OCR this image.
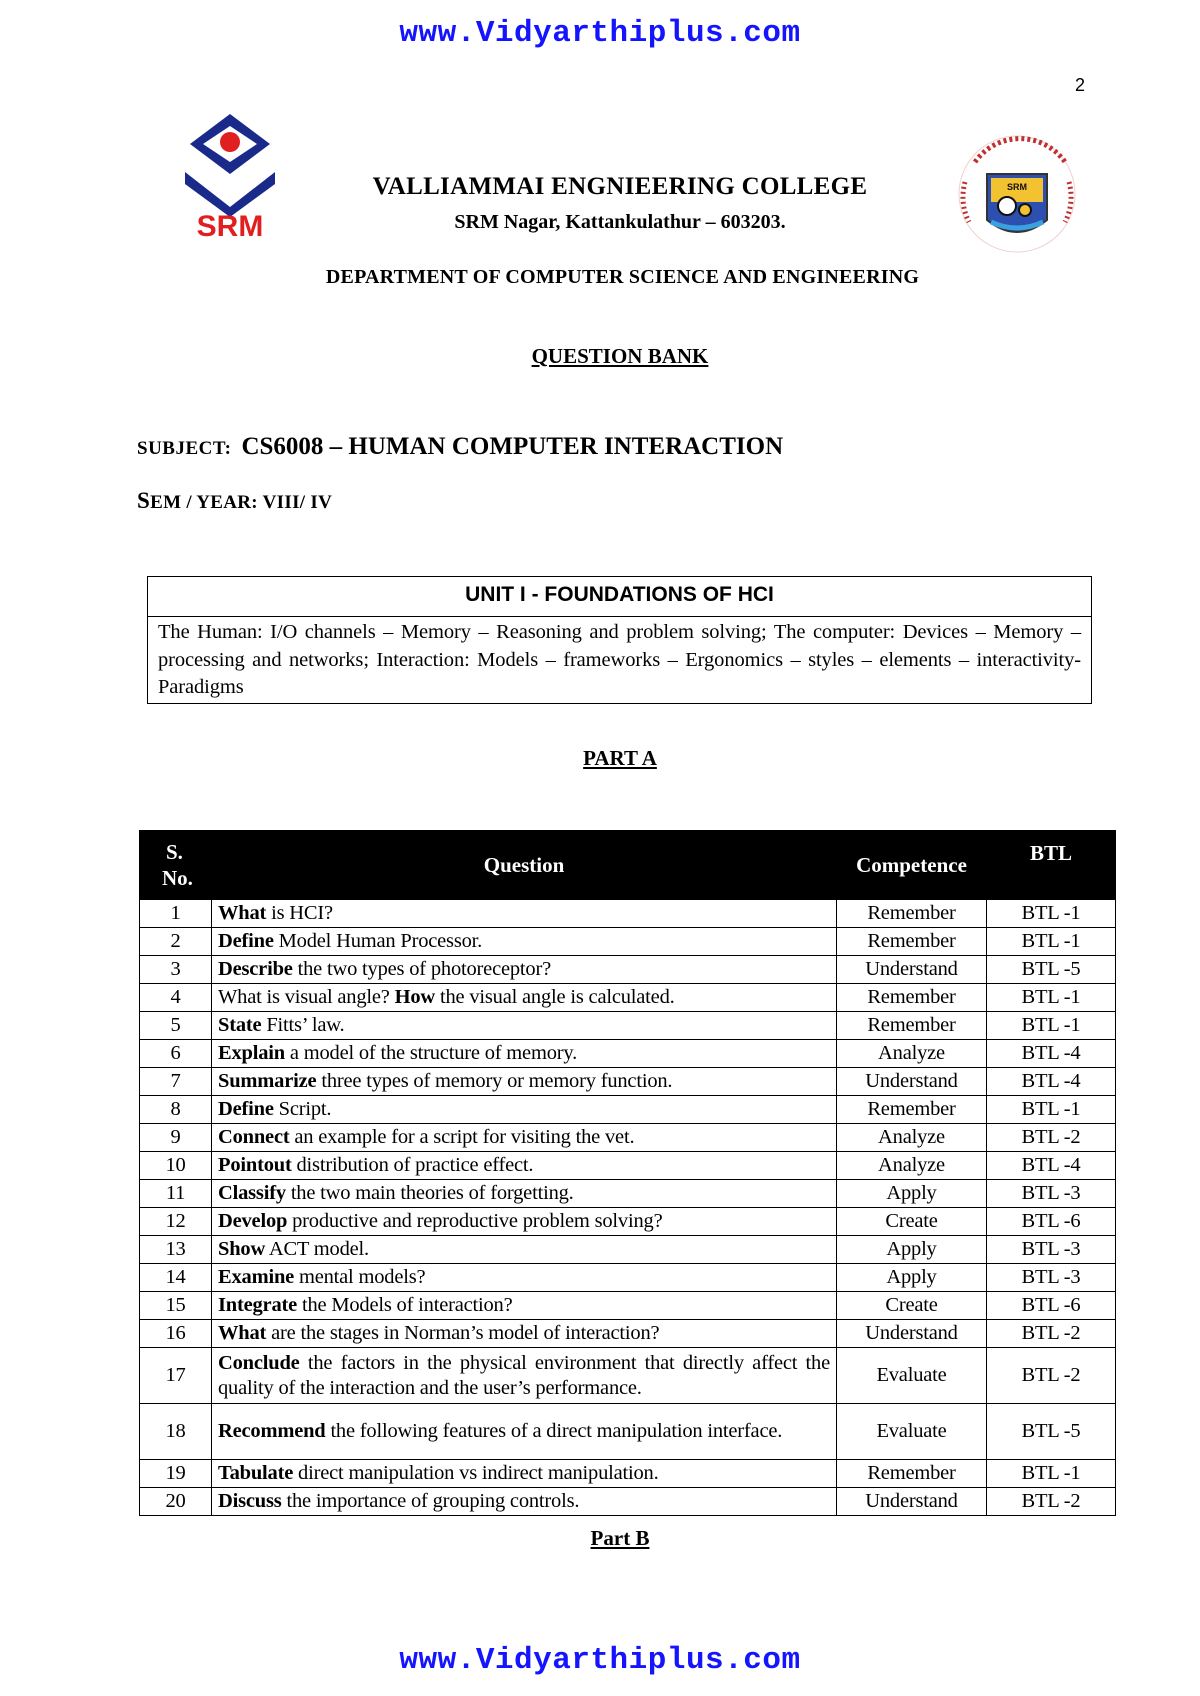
www.Vidyarthiplus.com
2
SRM
SRM
VALLIAMMAI ENGNIEERING COLLEGE
SRM Nagar, Kattankulathur – 603203.
DEPARTMENT OF COMPUTER SCIENCE AND ENGINEERING
QUESTION BANK
SUBJECT: CS6008 – HUMAN COMPUTER INTERACTION
SEM / YEAR: VIII/ IV
UNIT I - FOUNDATIONS OF HCI
The Human: I/O channels – Memory – Reasoning and problem solving; The computer: Devices – Memory – processing and networks; Interaction: Models – frameworks – Ergonomics – styles – elements – interactivity- Paradigms
PART A
S.
No.	Question	Competence	BTL
1	What is HCI?	Remember	BTL -1
2	Define Model Human Processor.	Remember	BTL -1
3	Describe the two types of photoreceptor?	Understand	BTL -5
4	What is visual angle? How the visual angle is calculated.	Remember	BTL -1
5	State Fitts’ law.	Remember	BTL -1
6	Explain a model of the structure of memory.	Analyze	BTL -4
7	Summarize three types of memory or memory function.	Understand	BTL -4
8	Define Script.	Remember	BTL -1
9	Connect an example for a script for visiting the vet.	Analyze	BTL -2
10	Pointout distribution of practice effect.	Analyze	BTL -4
11	Classify the two main theories of forgetting.	Apply	BTL -3
12	Develop productive and reproductive problem solving?	Create	BTL -6
13	Show ACT model.	Apply	BTL -3
14	Examine mental models?	Apply	BTL -3
15	Integrate the Models of interaction?	Create	BTL -6
16	What are the stages in Norman’s model of interaction?	Understand	BTL -2
17	Conclude the factors in the physical environment that directly affect the quality of the interaction and the user’s performance.	Evaluate	BTL -2
18	Recommend the following features of a direct manipulation interface.	Evaluate	BTL -5
19	Tabulate direct manipulation vs indirect manipulation.	Remember	BTL -1
20	Discuss the importance of grouping controls.	Understand	BTL -2
Part B
www.Vidyarthiplus.com
